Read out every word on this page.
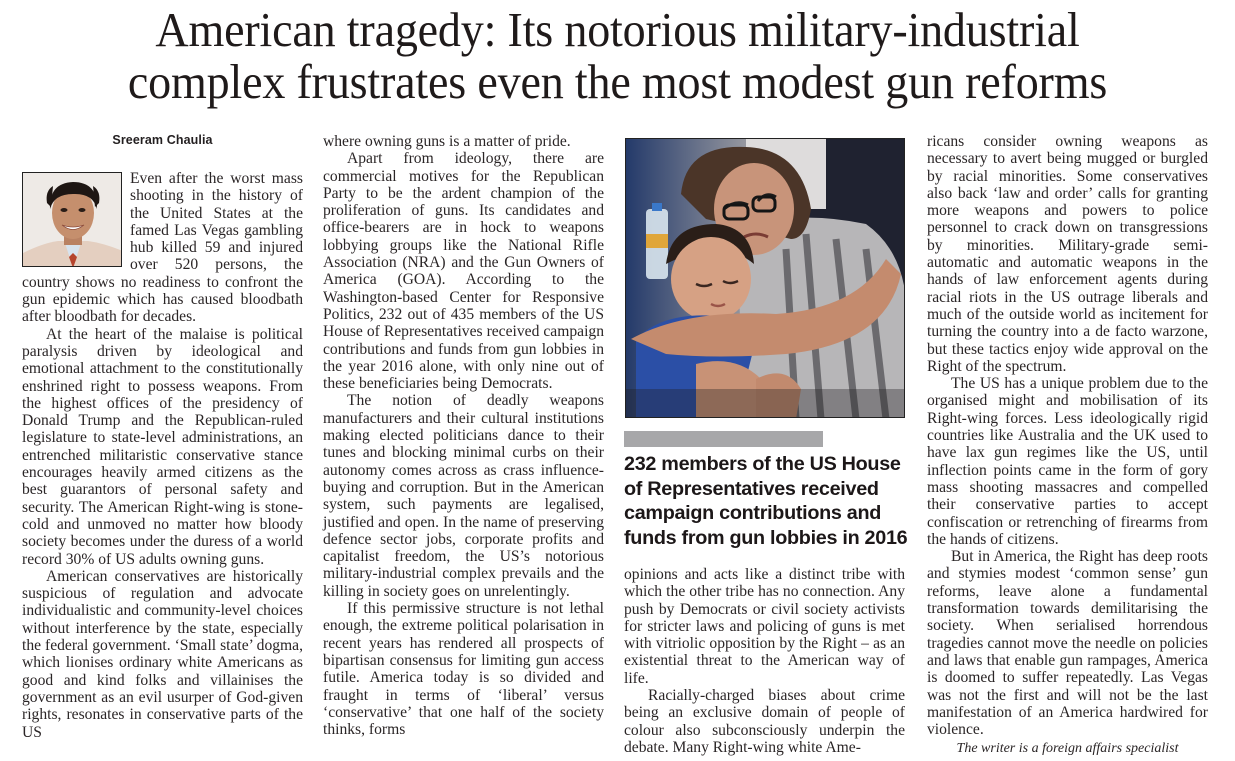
American tragedy: Its notorious military-industrial
complex frustrates even the most modest gun reforms
Sreeram Chaulia

Even after the worst mass shooting in the history of the United States at the famed Las Vegas gambling hub killed 59 and injured over 520 persons, the country shows no readiness to confront the gun epidemic which has caused bloodbath after bloodbath for decades.

At the heart of the malaise is political paralysis driven by ideological and emotional attachment to the constitutionally enshrined right to possess weapons. From the highest offices of the presidency of Donald Trump and the Republican-ruled legislature to state-level administrations, an entrenched militaristic conservative stance encourages heavily armed citizens as the best guarantors of personal safety and security. The American Right-wing is stone-cold and unmoved no matter how bloody society becomes under the duress of a world record 30% of US adults owning guns.

American conservatives are historically suspicious of regulation and advocate individualistic and community-level choices without interference by the state, especially the federal government. ‘Small state’ dogma, which lionises ordinary white Americans as good and kind folks and villainises the government as an evil usurper of God-given rights, resonates in conservative parts of the US

where owning guns is a matter of pride.

Apart from ideology, there are commercial motives for the Republican Party to be the ardent champion of the proliferation of guns. Its candidates and office-bearers are in hock to weapons lobbying groups like the National Rifle Association (NRA) and the Gun Owners of America (GOA). According to the Washington-based Center for Responsive Politics, 232 out of 435 members of the US House of Representatives received campaign contributions and funds from gun lobbies in the year 2016 alone, with only nine out of these beneficiaries being Democrats.

The notion of deadly weapons manufacturers and their cultural institutions making elected politicians dance to their tunes and blocking minimal curbs on their autonomy comes across as crass influence-buying and corruption. But in the American system, such payments are legalised, justified and open. In the name of preserving defence sector jobs, corporate profits and capitalist freedom, the US’s notorious military-industrial complex prevails and the killing in society goes on unrelentingly.

If this permissive structure is not lethal enough, the extreme political polarisation in recent years has rendered all prospects of bipartisan consensus for limiting gun access futile. America today is so divided and fraught in terms of ‘liberal’ versus ‘conservative’ that one half of the society thinks, forms

232 members of the US House
of Representatives received
campaign contributions and
funds from gun lobbies in 2016

opinions and acts like a distinct tribe with which the other tribe has no connection. Any push by Democrats or civil society activists for stricter laws and policing of guns is met with vitriolic opposition by the Right – as an existential threat to the American way of life.

Racially-charged biases about crime being an exclusive domain of people of colour also subconsciously underpin the debate. Many Right-wing white Ame-

ricans consider owning weapons as necessary to avert being mugged or burgled by racial minorities. Some conservatives also back ‘law and order’ calls for granting more weapons and powers to police personnel to crack down on transgressions by minorities. Military-grade semi-automatic and automatic weapons in the hands of law enforcement agents during racial riots in the US outrage liberals and much of the outside world as incitement for turning the country into a de facto warzone, but these tactics enjoy wide approval on the Right of the spectrum.

The US has a unique problem due to the organised might and mobilisation of its Right-wing forces. Less ideologically rigid countries like Australia and the UK used to have lax gun regimes like the US, until inflection points came in the form of gory mass shooting massacres and compelled their conservative parties to accept confiscation or retrenching of firearms from the hands of citizens.

But in America, the Right has deep roots and stymies modest ‘common sense’ gun reforms, leave alone a fundamental transformation towards demilitarising the society. When serialised horrendous tragedies cannot move the needle on policies and laws that enable gun rampages, America is doomed to suffer repeatedly. Las Vegas was not the first and will not be the last manifestation of an America hardwired for violence.

The writer is a foreign affairs specialist
